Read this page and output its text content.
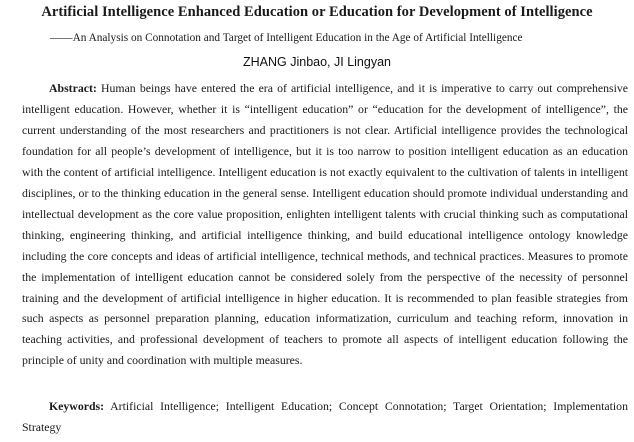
Artificial Intelligence Enhanced Education or Education for Development of Intelligence

——An Analysis on Connotation and Target of Intelligent Education in the Age of Artificial Intelligence

ZHANG Jinbao, JI Lingyan

Abstract: Human beings have entered the era of artificial intelligence, and it is imperative to carry out comprehensive intelligent education. However, whether it is “intelligent education” or “education for the development of intelligence”, the current understanding of the most researchers and practitioners is not clear. Artificial intelligence provides the technological foundation for all people’s development of intelligence, but it is too narrow to position intelligent education as an education with the content of artificial intelligence. Intelligent education is not exactly equivalent to the cultivation of talents in intelligent disciplines, or to the thinking education in the general sense. Intelligent education should promote individual understanding and intellectual development as the core value proposition, enlighten intelligent talents with crucial thinking such as computational thinking, engineering thinking, and artificial intelligence thinking, and build educational intelligence ontology knowledge including the core concepts and ideas of artificial intelligence, technical methods, and technical practices. Measures to promote the implementation of intelligent education cannot be considered solely from the perspective of the necessity of personnel training and the development of artificial intelligence in higher education. It is recommended to plan feasible strategies from such aspects as personnel preparation planning, education informatization, curriculum and teaching reform, innovation in teaching activities, and professional development of teachers to promote all aspects of intelligent education following the principle of unity and coordination with multiple measures.

Keywords: Artificial Intelligence; Intelligent Education; Concept Connotation; Target Orientation; Implementation Strategy
